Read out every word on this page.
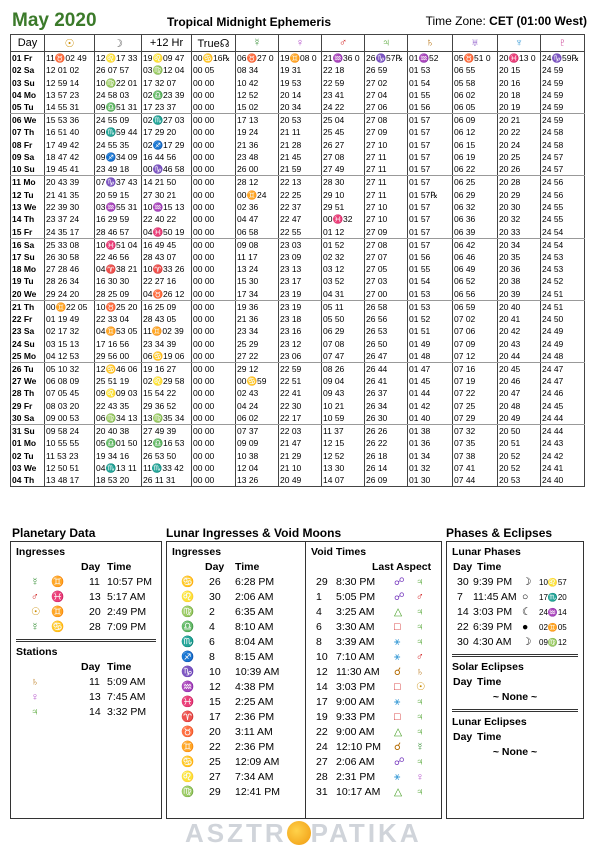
May 2020	Tropical Midnight Ephemeris	Time Zone: CET (01:00 West)
Day	☉	☽	+12 Hr	True☊	☿	♀	♂	♃	♄	♅	♆	♇
01 Fr	11♉02 49	12♌17 33	19♌09 47	00♋16℞	06♉27 0	19♊08 0	21♒36 0	26♑57℞	01♒52	05♉51 0	20♓13 0	24♑59℞
02 Sa	12 01 02	26 07 57	03♍12 04	00 05	08 34	19 31	22 18	26 59	01 53	06 55	20 15	24 59
03 Su	12 59 14	10♍22 01	17 32 07	00 00	10 42	19 53	22 59	27 02	01 54	05 58	20 16	24 59
04 Mo	13 57 23	24 58 03	02♎23 39	00 00	12 52	20 14	23 41	27 04	01 55	06 02	20 18	24 59
05 Tu	14 55 31	09♎51 31	17 23 37	00 00	15 02	20 34	24 22	27 06	01 56	06 05	20 19	24 59
06 We	15 53 36	24 55 09	02♏27 03	00 00	17 13	20 53	25 04	27 08	01 57	06 09	20 21	24 59
07 Th	16 51 40	09♏59 44	17 29 20	00 00	19 24	21 11	25 45	27 09	01 57	06 12	20 22	24 58
08 Fr	17 49 42	24 55 35	02♐17 29	00 00	21 36	21 28	26 27	27 10	01 57	06 15	20 24	24 58
09 Sa	18 47 42	09♐34 09	16 44 56	00 00	23 48	21 45	27 08	27 11	01 57	06 19	20 25	24 57
10 Su	19 45 41	23 49 18	00♑46 58	00 00	26 00	21 59	27 49	27 11	01 57	06 22	20 26	24 57
11 Mo	20 43 39	07♑37 43	14 21 50	00 00	28 12	22 13	28 30	27 11	01 57	06 25	20 28	24 56
12 Tu	21 41 35	20 59 15	27 30 21	00 00	00♊24	22 25	29 10	27 11	01 57℞	06 29	20 29	24 56
13 We	22 39 30	03♒55 31	10♒15 13	00 00	02 36	22 37	29 51	27 10	01 57	06 32	20 30	24 55
14 Th	23 37 24	16 29 59	22 40 22	00 00	04 47	22 47	00♓32	27 10	01 57	06 36	20 32	24 55
15 Fr	24 35 17	28 46 57	04♓50 19	00 00	06 58	22 55	01 12	27 09	01 57	06 39	20 33	24 54
16 Sa	25 33 08	10♓51 04	16 49 45	00 00	09 08	23 03	01 52	27 08	01 57	06 42	20 34	24 54
17 Su	26 30 58	22 46 56	28 43 07	00 00	11 17	23 09	02 32	27 07	01 56	06 46	20 35	24 53
18 Mo	27 28 46	04♈38 21	10♈33 26	00 00	13 24	23 13	03 12	27 05	01 55	06 49	20 36	24 53
19 Tu	28 26 34	16 30 30	22 27 16	00 00	15 30	23 17	03 52	27 03	01 54	06 52	20 38	24 52
20 We	29 24 20	28 25 09	04♉26 12	00 00	17 34	23 19	04 31	27 00	01 53	06 56	20 39	24 51
21 Th	00♊22 05	10♉25 20	16 25 09	00 00	19 36	23 19	05 11	26 58	01 53	06 59	20 40	24 51
22 Fr	01 19 49	22 33 04	28 43 05	00 00	21 36	23 18	05 50	26 56	01 52	07 02	20 41	24 50
23 Sa	02 17 32	04♊53 05	11♊02 39	00 00	23 34	23 16	06 29	26 53	01 51	07 06	20 42	24 49
24 Su	03 15 13	17 16 56	23 34 39	00 00	25 29	23 12	07 08	26 50	01 49	07 09	20 43	24 49
25 Mo	04 12 53	29 56 00	06♋19 06	00 00	27 22	23 06	07 47	26 47	01 48	07 12	20 44	24 48
26 Tu	05 10 32	12♋46 06	19 16 27	00 00	29 12	22 59	08 26	26 44	01 47	07 16	20 45	24 47
27 We	06 08 09	25 51 19	02♌29 58	00 00	00♋59	22 51	09 04	26 41	01 45	07 19	20 46	24 47
28 Th	07 05 45	09♌09 03	15 54 22	00 00	02 43	22 41	09 43	26 37	01 44	07 22	20 47	24 46
29 Fr	08 03 20	22 43 35	29 36 52	00 00	04 24	22 30	10 21	26 34	01 42	07 25	20 48	24 45
30 Sa	09 00 53	06♍34 13	13♍35 34	00 00	06 02	22 17	10 59	26 30	01 40	07 29	20 49	24 44
31 Su	09 58 24	20 40 38	27 49 39	00 00	07 37	22 03	11 37	26 26	01 38	07 32	20 50	24 44
01 Mo	10 55 55	05♎01 50	12♎16 53	00 00	09 09	21 47	12 15	26 22	01 36	07 35	20 51	24 43
02 Tu	11 53 23	19 34 16	26 53 50	00 00	10 38	21 29	12 52	26 18	01 34	07 38	20 52	24 42
03 We	12 50 51	04♏13 11	11♏33 42	00 00	12 04	21 10	13 30	26 14	01 32	07 41	20 52	24 41
04 Th	13 48 17	18 53 20	26 11 31	00 00	13 26	20 49	14 07	26 09	01 30	07 44	20 53	24 40
Planetary Data	Lunar Ingresses & Void Moons	Phases & Eclipses
Ingresses
Day Time
☿ ♊ 11 10:57 PM
♂ ♓ 13 5:17 AM
☉ ♊ 20 2:49 PM
☿ ♋ 28 7:09 PM
Stations
Day Time
♄	11 5:09 AM
♀	13 7:45 AM
♃	14 3:32 PM
Ingresses
Day Time
♋ 26 6:28 PM
♌ 30 2:06 AM
♍ 2 6:35 AM
♎ 4 8:10 AM
♏ 6 8:04 AM
♐ 8 8:15 AM
♑ 10 10:39 AM
♒ 12 4:38 PM
♓ 15 2:25 AM
♈ 17 2:36 PM
♉ 20 3:11 AM
♊ 22 2:36 PM
♋ 25 12:09 AM
♌ 27 7:34 AM
♍ 29 12:41 PM
Void Times
Last Aspect
29 8:30 PM ☍ ♃
1 5:05 PM ☍ ♂
4 3:25 AM △ ♃
6 3:30 AM □ ♃
8 3:39 AM ⚹ ♃
10 7:10 AM ⚹ ♂
12 11:30 AM ☌ ♄
14 3:03 PM □ ☉
17 9:00 AM ⚹ ♃
19 9:33 PM □ ♃
22 9:00 AM △ ♃
24 12:10 PM ☌ ☿
27 2:06 AM ☍ ♃
28 2:31 PM ⚹ ♀
31 10:17 AM △ ♃
Lunar Phases
Day Time
30 9:39 PM ☽ 10♌57
7 11:45 AM ○ 17♏20
14 3:03 PM ☾ 24♒14
22 6:39 PM ● 02♊05
30 4:30 AM ☽ 09♍12
Solar Eclipses
Day Time
~ None ~
Lunar Eclipses
Day Time
~ None ~
ASZTR PATIKA
